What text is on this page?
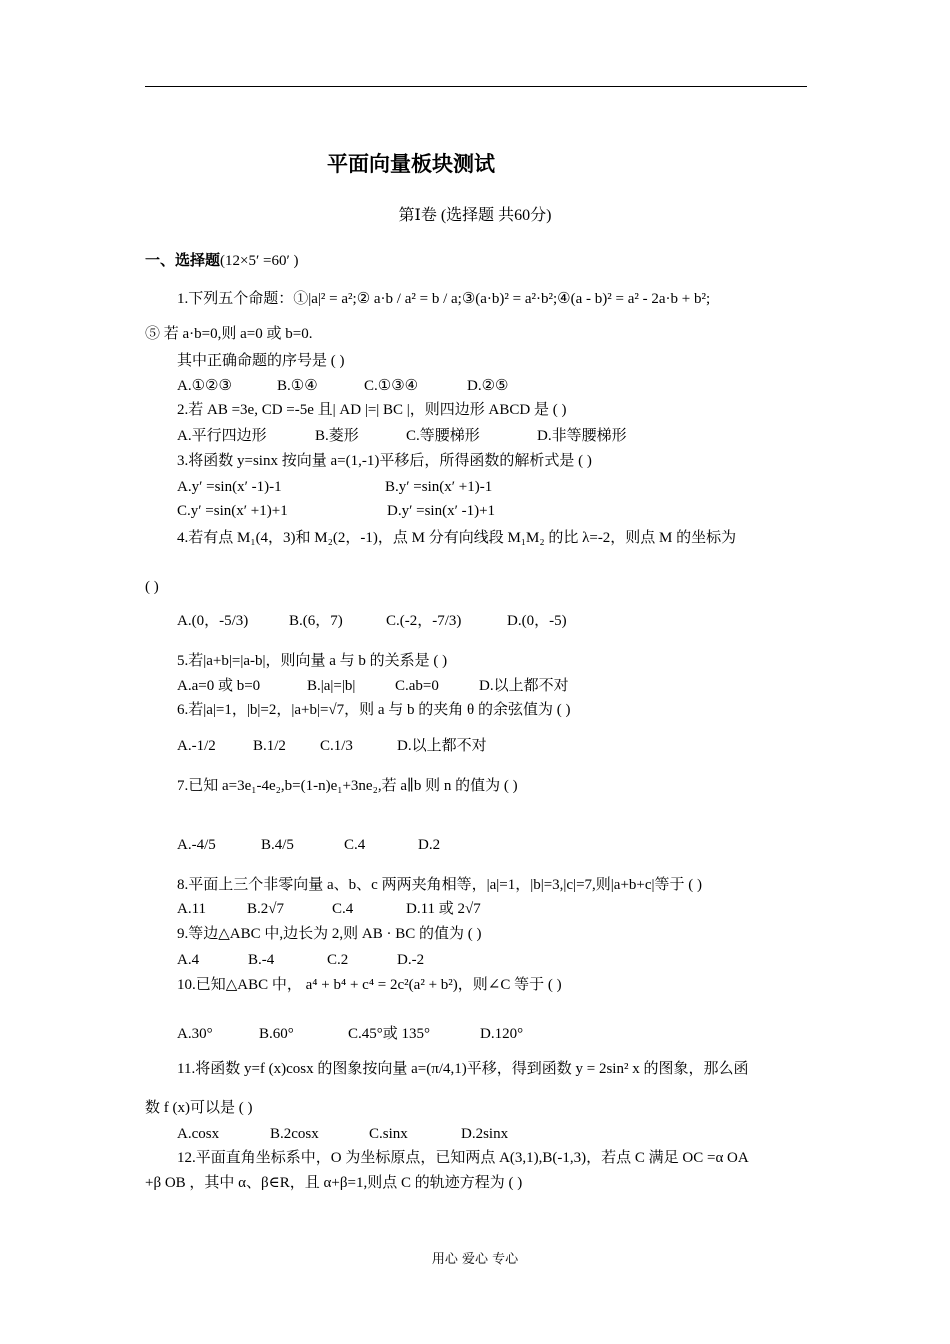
平面向量板块测试
第Ⅰ卷 (选择题 共60分)
一、选择题(12×5′ =60′ )
1.下列五个命题：①|a|² = a²;② a·b / a² = b / a;③(a·b)² = a²·b²;④(a - b)² = a² - 2a·b + b²;
⑤ 若 a·b=0,则 a=0 或 b=0.
其中正确命题的序号是 ( )
A.①②③	B.①④	C.①③④	D.②⑤
2.若 AB =3e, CD =-5e 且| AD |=| BC |，则四边形 ABCD 是 ( )
A.平行四边形	B.菱形	C.等腰梯形	D.非等腰梯形
3.将函数 y=sinx 按向量 a=(1,-1)平移后，所得函数的解析式是 ( )
A.y′ =sin(x′ -1)-1	B.y′ =sin(x′ +1)-1
C.y′ =sin(x′ +1)+1	D.y′ =sin(x′ -1)+1
4.若有点 M₁(4，3)和 M₂(2，-1)，点 M 分有向线段 M₁M₂ 的比 λ=-2，则点 M 的坐标为
( )
A.(0，-5/3)	B.(6，7)	C.(-2，-7/3)	D.(0，-5)
5.若|a+b|=|a-b|，则向量 a 与 b 的关系是 ( )
A.a=0 或 b=0	B.|a|=|b|	C.ab=0	D.以上都不对
6.若|a|=1，|b|=2，|a+b|=√7，则 a 与 b 的夹角 θ 的余弦值为 ( )
A.-1/2 B.1/2 C.1/3	D.以上都不对
7.已知 a=3e₁-4e₂,b=(1-n)e₁+3ne₂,若 a∥b 则 n 的值为 ( )
A.-4/5	B.4/5	C.4	D.2
8.平面上三个非零向量 a、b、c 两两夹角相等，|a|=1，|b|=3,|c|=7,则|a+b+c|等于 ( )
A.11	B.2√7	C.4	D.11 或 2√7
9.等边△ABC 中,边长为 2,则 AB · BC 的值为 ( )
A.4	B.-4	C.2	D.-2
10.已知△ABC 中， a⁴ + b⁴ + c⁴ = 2c²(a² + b²)，则∠C 等于 ( )
A.30°	B.60°	C.45°或 135°	D.120°
11.将函数 y=f (x)cosx 的图象按向量 a=(π/4,1)平移，得到函数 y = 2sin² x 的图象，那么函
数 f (x)可以是 ( )
A.cosx	B.2cosx	C.sinx	D.2sinx
12.平面直角坐标系中，O 为坐标原点，已知两点 A(3,1),B(-1,3)，若点 C 满足 OC =α OA
+β OB ，其中 α、β∈R，且 α+β=1,则点 C 的轨迹方程为 ( )
用心 爱心 专心
